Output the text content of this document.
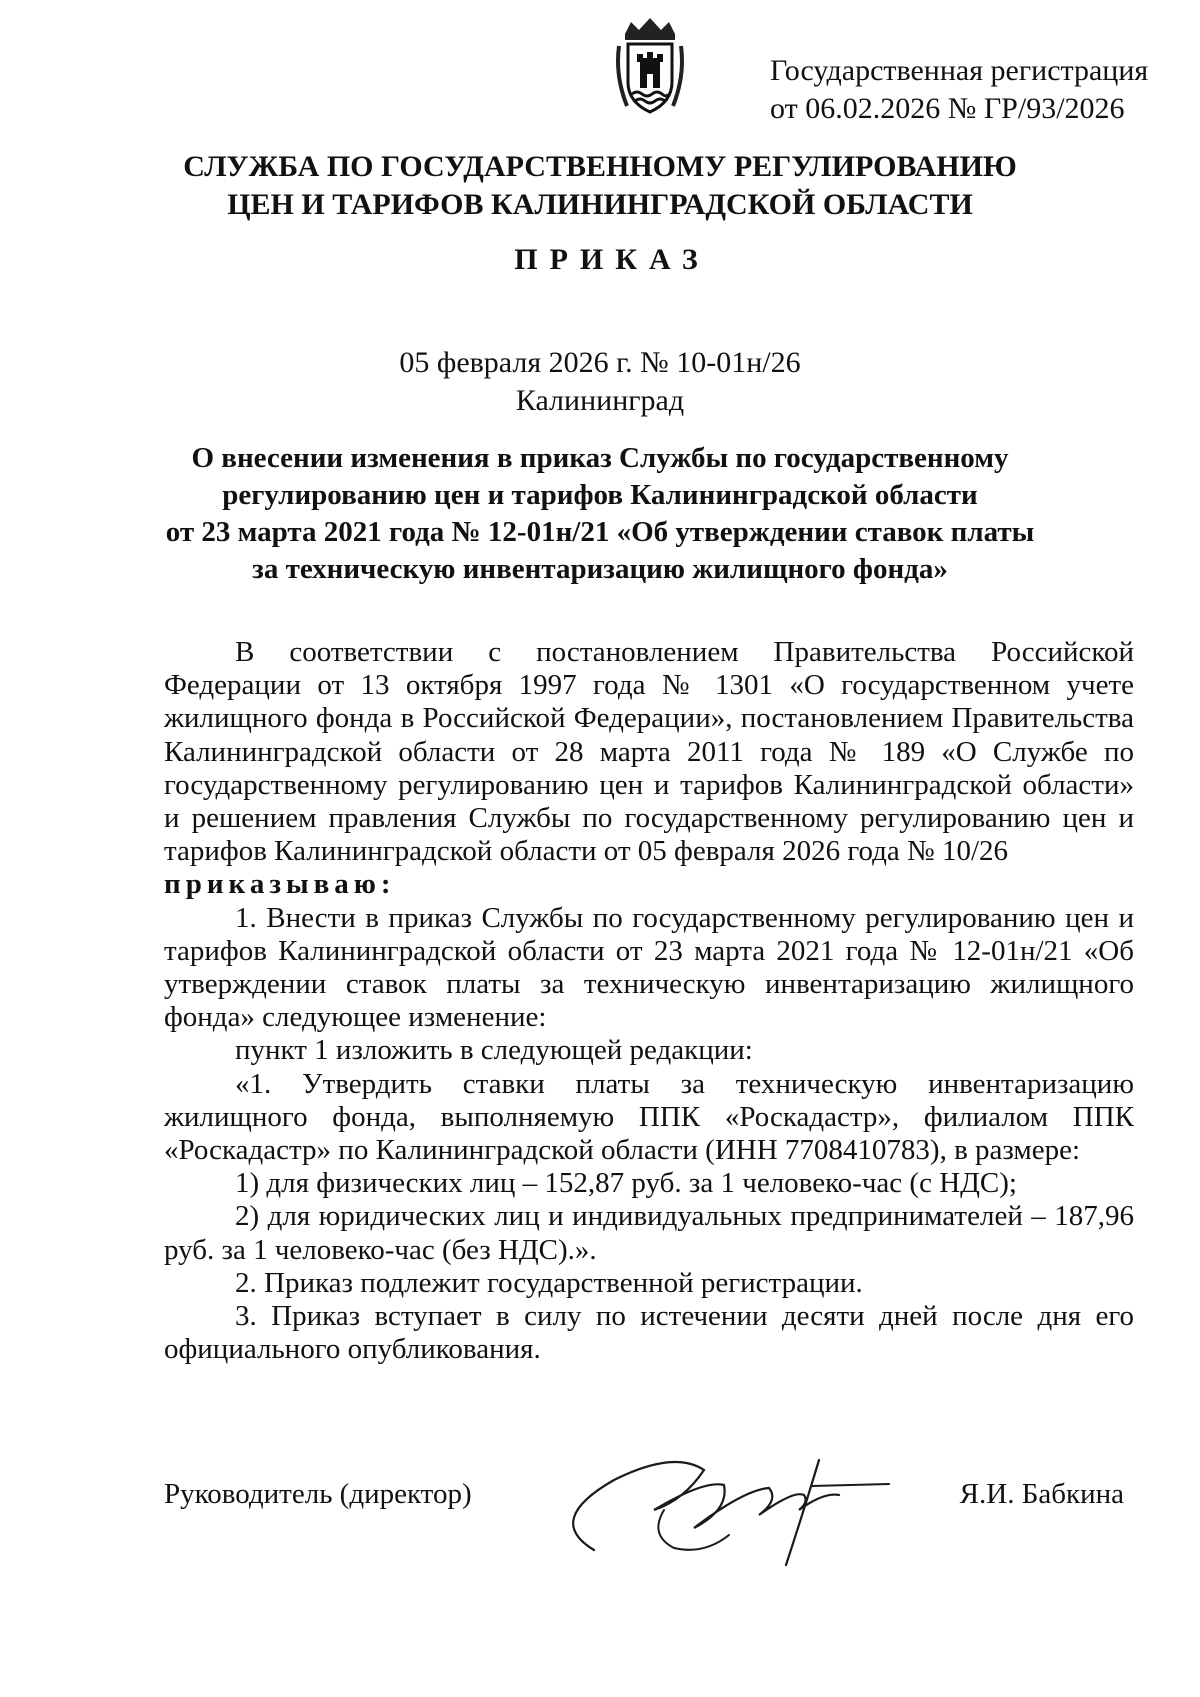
Государственная регистрация
от 06.02.2026 № ГР/93/2026
СЛУЖБА ПО ГОСУДАРСТВЕННОМУ РЕГУЛИРОВАНИЮ
ЦЕН И ТАРИФОВ КАЛИНИНГРАДСКОЙ ОБЛАСТИ
ПРИКАЗ
05 февраля 2026 г. № 10-01н/26
Калининград
О внесении изменения в приказ Службы по государственному
регулированию цен и тарифов Калининградской области
от 23 марта 2021 года № 12-01н/21 «Об утверждении ставок платы
за техническую инвентаризацию жилищного фонда»

В соответствии с постановлением Правительства Российской Федерации от 13 октября 1997 года № 1301 «О государственном учете жилищного фонда в Российской Федерации», постановлением Правительства Калининградской области от 28 марта 2011 года № 189 «О Службе по государственному регулированию цен и тарифов Калининградской области» и решением правления Службы по государственному регулированию цен и тарифов Калининградской области от 05 февраля 2026 года № 10/26

приказываю:

1. Внести в приказ Службы по государственному регулированию цен и тарифов Калининградской области от 23 марта 2021 года № 12-01н/21 «Об утверждении ставок платы за техническую инвентаризацию жилищного фонда» следующее изменение:

пункт 1 изложить в следующей редакции:

«1. Утвердить ставки платы за техническую инвентаризацию жилищного фонда, выполняемую ППК «Роскадастр», филиалом ППК «Роскадастр» по Калининградской области (ИНН 7708410783), в размере:

1) для физических лиц – 152,87 руб. за 1 человеко-час (с НДС);

2) для юридических лиц и индивидуальных предпринимателей – 187,96 руб. за 1 человеко-час (без НДС).».

2. Приказ подлежит государственной регистрации.

3. Приказ вступает в силу по истечении десяти дней после дня его официального опубликования.

Руководитель (директор)	Я.И. Бабкина
